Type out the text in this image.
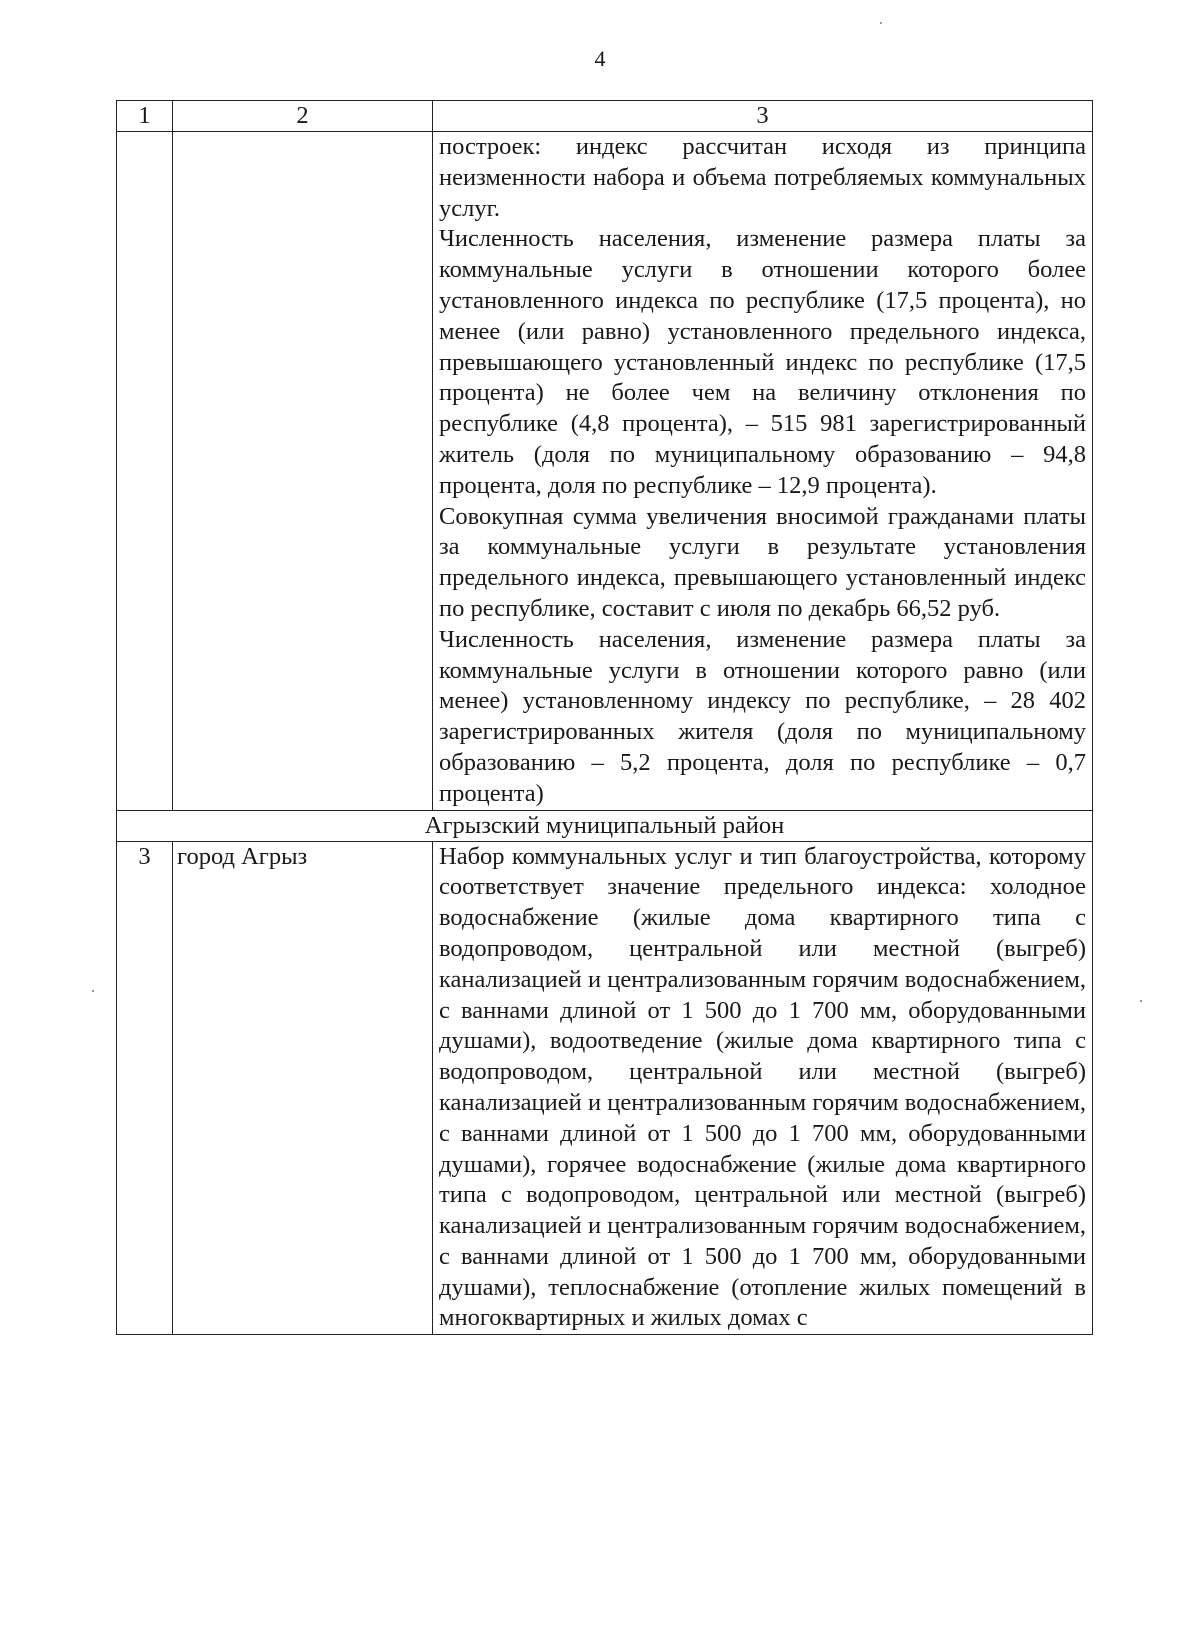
4
1	2	3

		построек: индекс рассчитан исходя из принципа неизменности набора и объема потребляемых коммунальных услуг.

Численность населения, изменение размера платы за коммунальные услуги в отношении которого более установленного индекса по республике (17,5 процента), но менее (или равно) установленного предельного индекса, превышающего установленный индекс по республике (17,5 процента) не более чем на величину отклонения по республике (4,8 процента), – 515 981 зарегистрированный житель (доля по муниципальному образованию – 94,8 процента, доля по республике – 12,9 процента).

Совокупная сумма увеличения вносимой гражданами платы за коммунальные услуги в результате установления предельного индекса, превышающего установленный индекс по республике, составит с июля по декабрь 66,52 руб.

Численность населения, изменение размера платы за коммунальные услуги в отношении которого равно (или менее) установленному индексу по республике, – 28 402 зарегистрированных жителя (доля по муниципальному образованию – 5,2 процента, доля по республике – 0,7 процента)

Агрызский муниципальный район		
3	город Агрыз	Набор коммунальных услуг и тип благоустройства, которому соответствует значение предельного индекса: холодное водоснабжение (жилые дома квартирного типа с водопроводом, центральной или местной (выгреб) канализацией и централизованным горячим водоснабжением, с ваннами длиной от 1 500 до 1 700 мм, оборудованными душами), водоотведение (жилые дома квартирного типа с водопроводом, центральной или местной (выгреб) канализацией и централизованным горячим водоснабжением, с ваннами длиной от 1 500 до 1 700 мм, оборудованными душами), горячее водоснабжение (жилые дома квартирного типа с водопроводом, центральной или местной (выгреб) канализацией и централизованным горячим водоснабжением, с ваннами длиной от 1 500 до 1 700 мм, оборудованными душами), теплоснабжение (отопление жилых помещений в многоквартирных и жилых домах с
